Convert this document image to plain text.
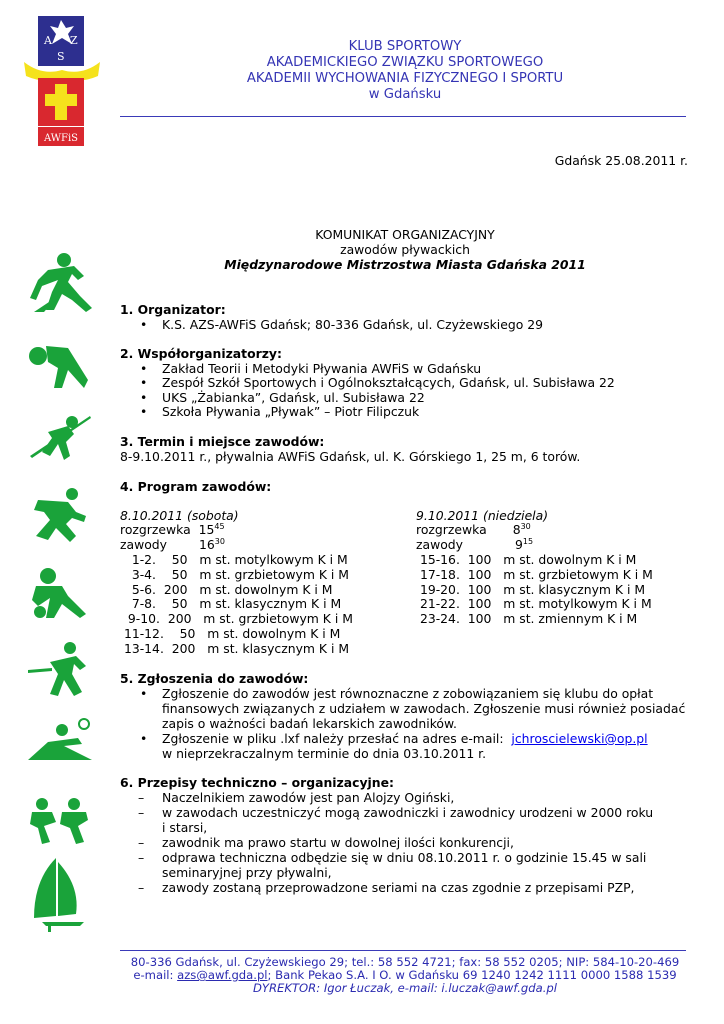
A Z
S
AWFiS
KLUB SPORTOWY
AKADEMICKIEGO ZWIĄZKU SPORTOWEGO
AKADEMII WYCHOWANIA FIZYCZNEGO I SPORTU
w Gdańsku
Gdańsk 25.08.2011 r.
KOMUNIKAT ORGANIZACYJNY
zawodów pływackich
Międzynarodowe Mistrzostwa Miasta Gdańska 2011
1. Organizator:
• K.S. AZS-AWFiS Gdańsk; 80-336 Gdańsk, ul. Czyżewskiego 29
2. Współorganizatorzy:
• Zakład Teorii i Metodyki Pływania AWFiS w Gdańsku
• Zespół Szkół Sportowych i Ogólnokształcących, Gdańsk, ul. Subisława 22
• UKS „Żabianka”, Gdańsk, ul. Subisława 22
• Szkoła Pływania „Pływak” – Piotr Filipczuk
3. Termin i miejsce zawodów:
8-9.10.2011 r., pływalnia AWFiS Gdańsk, ul. K. Górskiego 1, 25 m, 6 torów.
4. Program zawodów:
8.10.2011 (sobota)
rozgrzewka $15^{45}$
zawody	$16^{30}$
1-2.    50   m st. motylkowym K i M
3-4.    50   m st. grzbietowym K i M
5-6.  200   m st. dowolnym K i M
7-8.    50   m st. klasycznym K i M
9-10.  200   m st. grzbietowym K i M
11-12.    50   m st. dowolnym K i M
13-14.  200   m st. klasycznym K i M
9.10.2011 (niedziela)
rozgrzewka $8^{30}$
zawody	$9^{15}$
15-16.  100   m st. dowolnym K i M
17-18.  100   m st. grzbietowym K i M
19-20.  100   m st. klasycznym K i M
21-22.  100   m st. motylkowym K i M
23-24.  100   m st. zmiennym K i M
5. Zgłoszenia do zawodów:
• Zgłoszenie do zawodów jest równoznaczne z zobowiązaniem się klubu do opłat
finansowych związanych z udziałem w zawodach. Zgłoszenie musi również posiadać
zapis o ważności badań lekarskich zawodników.
• Zgłoszenie w pliku .lxf należy przesłać na adres e-mail: jchroscielewski@op.pl
w nieprzekraczalnym terminie do dnia 03.10.2011 r.
6. Przepisy techniczno – organizacyjne:
– Naczelnikiem zawodów jest pan Alojzy Ogiński,
– w zawodach uczestniczyć mogą zawodniczki i zawodnicy urodzeni w 2000 roku
i starsi,
– zawodnik ma prawo startu w dowolnej ilości konkurencji,
– odprawa techniczna odbędzie się w dniu 08.10.2011 r. o godzinie 15.45 w sali
seminaryjnej przy pływalni,
– zawody zostaną przeprowadzone seriami na czas zgodnie z przepisami PZP,
80-336 Gdańsk, ul. Czyżewskiego 29; tel.: 58 552 4721; fax: 58 552 0205; NIP: 584-10-20-469
e-mail: azs@awf.gda.pl; Bank Pekao S.A. I O. w Gdańsku 69 1240 1242 1111 0000 1588 1539
DYREKTOR: Igor Łuczak, e-mail: i.luczak@awf.gda.pl
